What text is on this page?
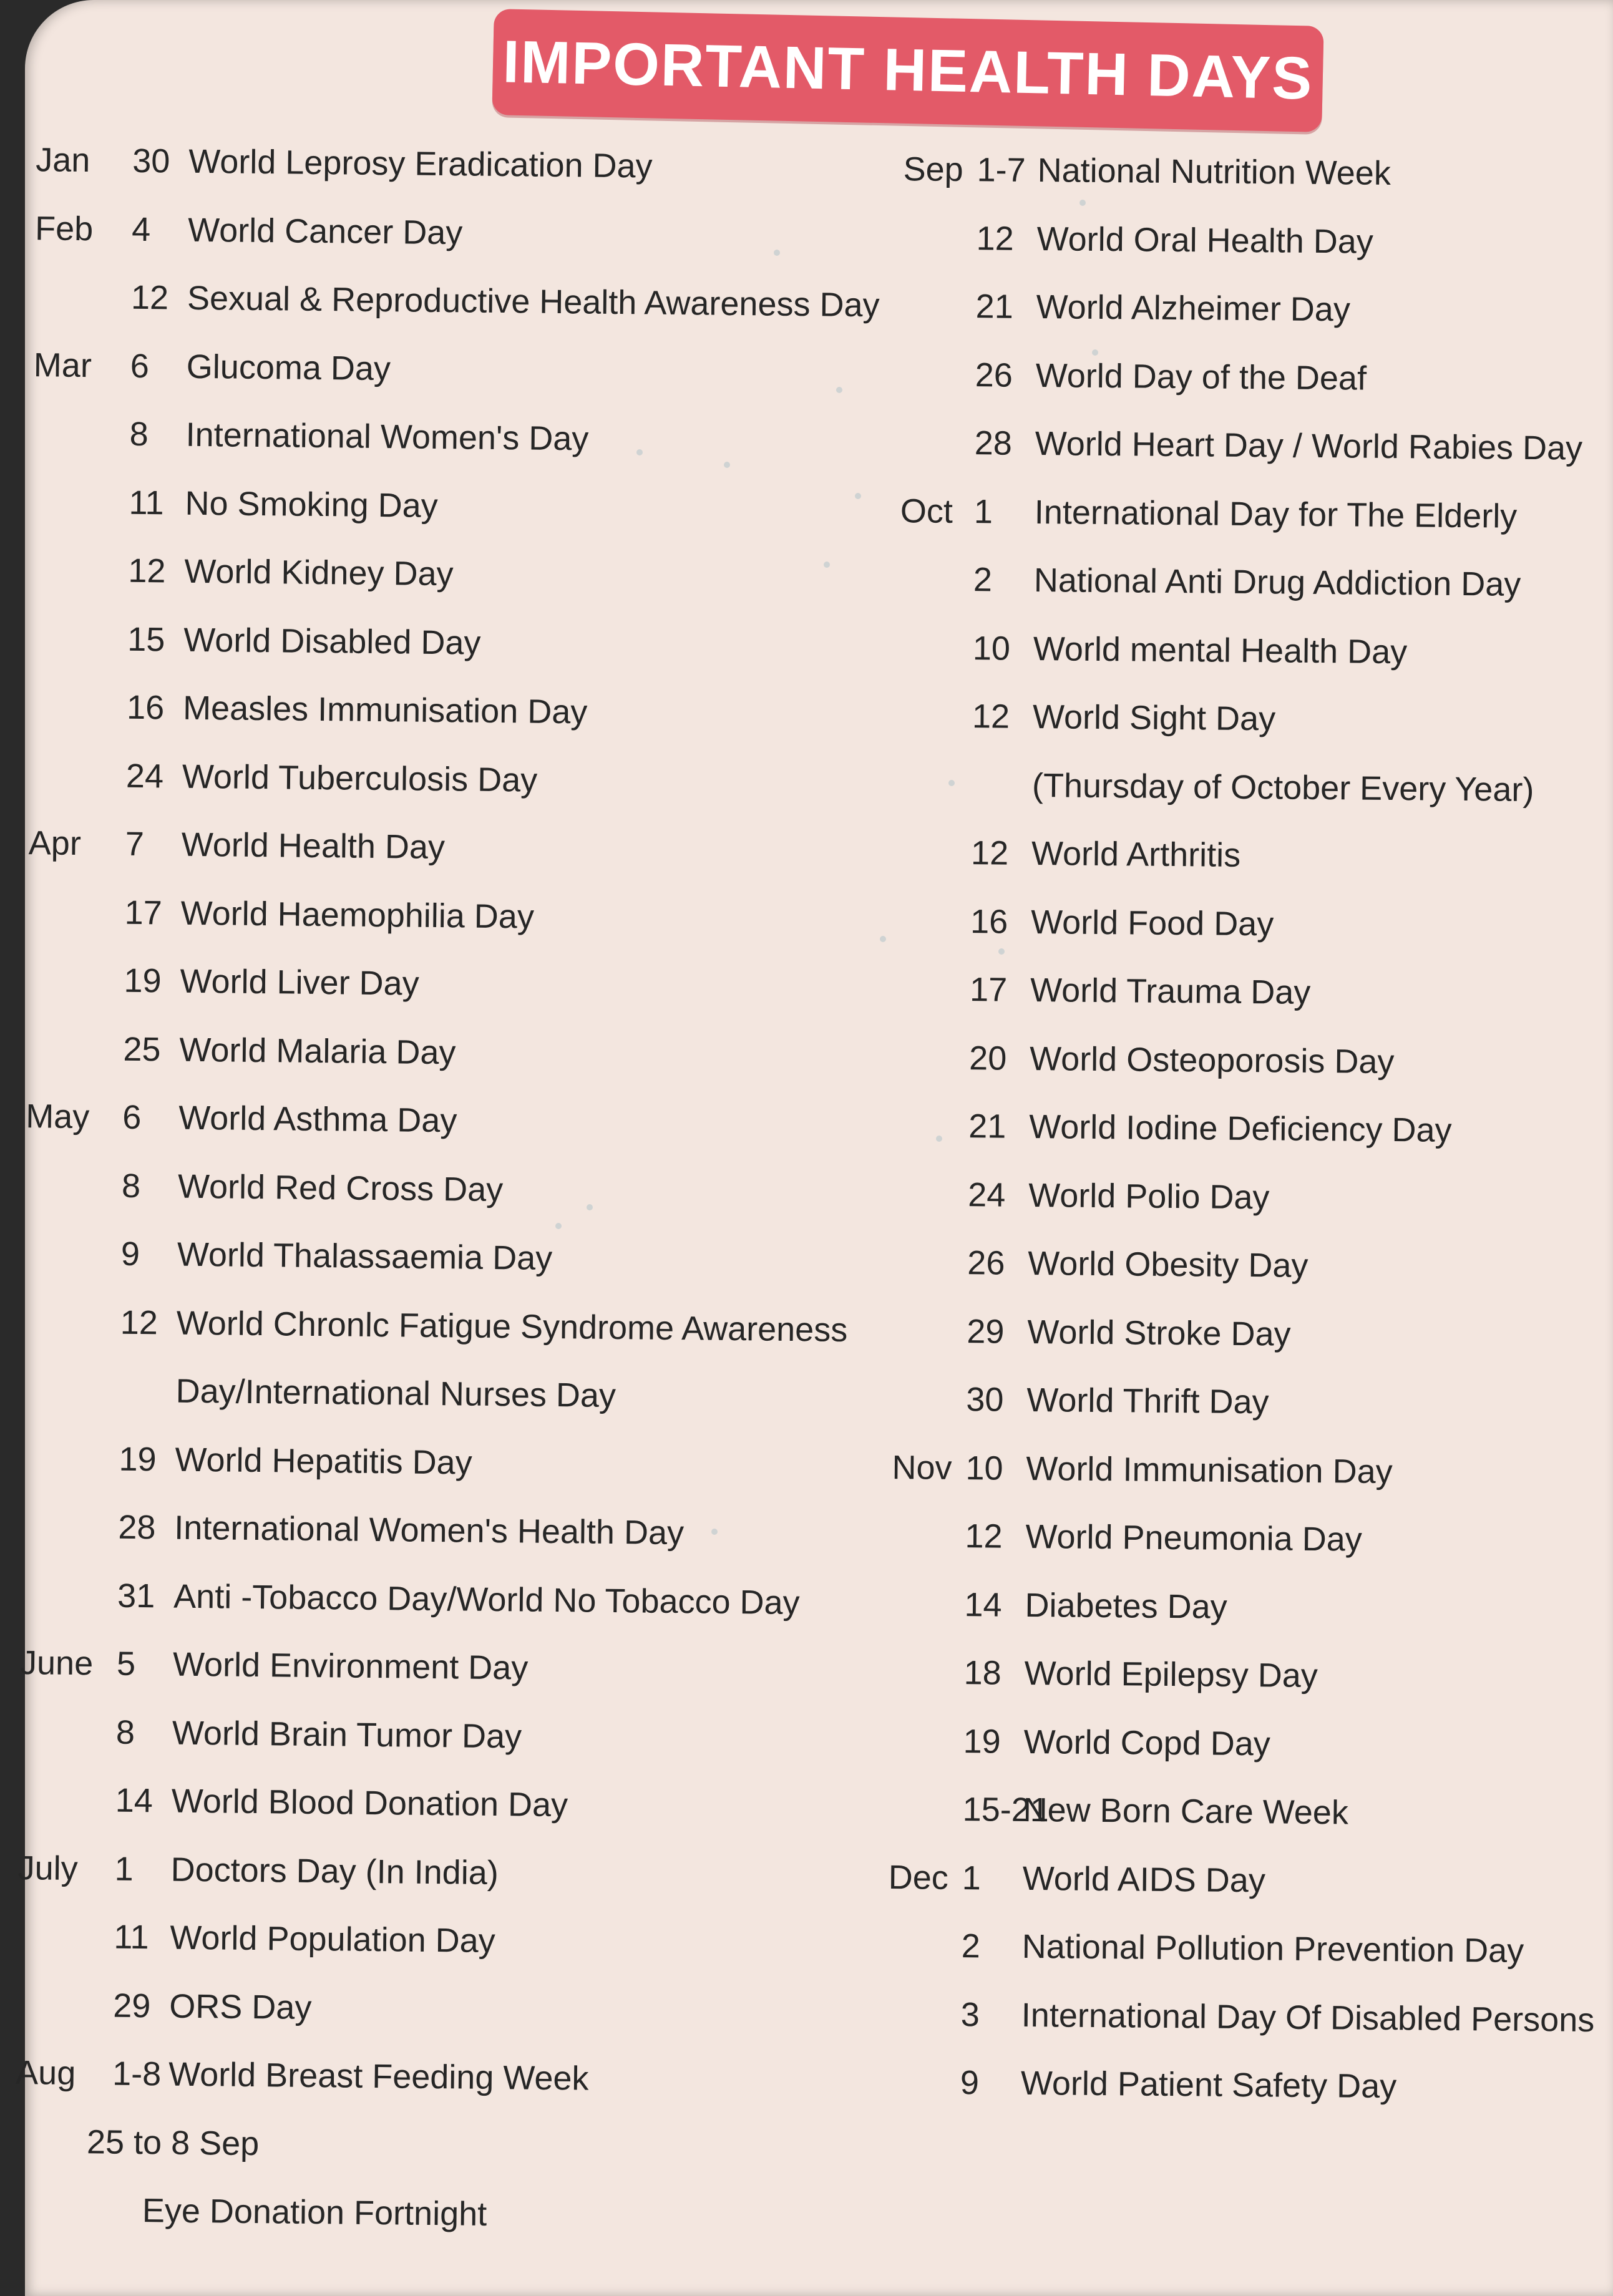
IMPORTANT HEALTH DAYS
Jan 30 World Leprosy Eradication Day
Feb 4 World Cancer Day
12 Sexual & Reproductive Health Awareness Day
Mar 6 Glucoma Day
8 International Women's Day
11 No Smoking Day
12 World Kidney Day
15 World Disabled Day
16 Measles Immunisation Day
24 World Tuberculosis Day
Apr 7 World Health Day
17 World Haemophilia Day
19 World Liver Day
25 World Malaria Day
May 6 World Asthma Day
8 World Red Cross Day
9 World Thalassaemia Day
12 World Chronlc Fatigue Syndrome Awareness
Day/International Nurses Day
19 World Hepatitis Day
28 International Women's Health Day
31 Anti -Tobacco Day/World No Tobacco Day
June 5 World Environment Day
8 World Brain Tumor Day
14 World Blood Donation Day
July 1 Doctors Day (In India)
11 World Population Day
29 ORS Day
Aug 1-8 World Breast Feeding Week
25 to 8 Sep
Eye Donation Fortnight
Sep 1-7 National Nutrition Week
12 World Oral Health Day
21 World Alzheimer Day
26 World Day of the Deaf
28 World Heart Day / World Rabies Day
Oct 1 International Day for The Elderly
2 National Anti Drug Addiction Day
10 World mental Health Day
12 World Sight Day
(Thursday of October Every Year)
12 World Arthritis
16 World Food Day
17 World Trauma Day
20 World Osteoporosis Day
21 World Iodine Deficiency Day
24 World Polio Day
26 World Obesity Day
29 World Stroke Day
30 World Thrift Day
Nov 10 World Immunisation Day
12 World Pneumonia Day
14 Diabetes Day
18 World Epilepsy Day
19 World Copd Day
15-21
New Born Care Week
Dec 1 World AIDS Day
2 National Pollution Prevention Day
3 International Day Of Disabled Persons
9 World Patient Safety Day
